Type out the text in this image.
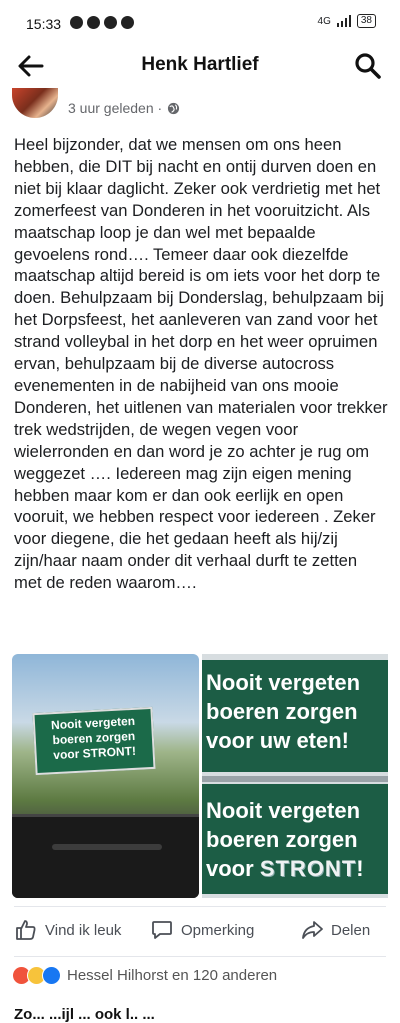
15:33	4G	38
Henk Hartlief
3 uur geleden ·

Heel bijzonder, dat we mensen om ons heen hebben, die DIT bij nacht en ontij durven doen en niet bij klaar daglicht. Zeker ook verdrietig met het zomerfeest van Donderen in het vooruitzicht. Als maatschap loop je dan wel met bepaalde gevoelens rond…. Temeer daar ook diezelfde maatschap altijd bereid is om iets voor het dorp te doen. Behulpzaam bij Donderslag, behulpzaam bij het Dorpsfeest, het aanleveren van zand voor het strand volleybal in het dorp en het weer opruimen ervan, behulpzaam bij de diverse autocross evenementen in de nabijheid van ons mooie Donderen, het uitlenen van materialen voor trekker trek wedstrijden, de wegen vegen voor wielerronden en dan word je zo achter je rug om weggezet …. Iedereen mag zijn eigen mening hebben maar kom er dan ook eerlijk en open vooruit, we hebben respect voor iedereen . Zeker voor diegene, die het gedaan heeft als hij/zij zijn/haar naam onder dit verhaal durft te zetten met de reden waarom….

Nooit vergeten
boeren zorgen
voor STRONT!
Nooit vergeten
boeren zorgen
voor uw eten!
Nooit vergeten
boeren zorgen
voor STRONT!
Vind ik leuk	Opmerking	Delen
Hessel Hilhorst en 120 anderen
Zo... ...ijl ... ook l.. ...
